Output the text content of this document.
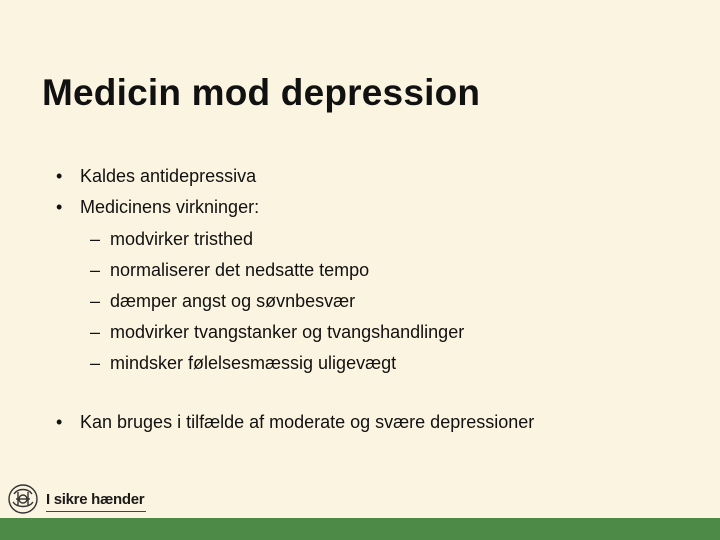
Medicin mod depression
• Kaldes antidepressiva
• Medicinens virkninger:
– modvirker tristhed
– normaliserer det nedsatte tempo
– dæmper angst og søvnbesvær
– modvirker tvangstanker og tvangshandlinger
– mindsker følelsesmæssig uligevægt
• Kan bruges i tilfælde af moderate og svære depressioner
I sikre hænder
